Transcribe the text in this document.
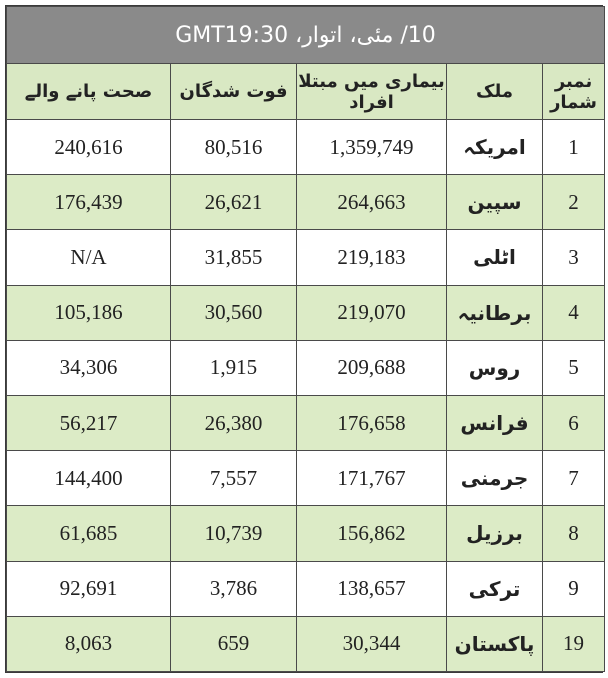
10/ مئی، اتوار، GMT19:30				
نمبر شمار	ملک	بیماری میں مبتلا افراد	فوت شدگان	صحت پانے والے
1	امریکہ	1,359,749	80,516	240,616
2	سپین	264,663	26,621	176,439
3	اٹلی	219,183	31,855	N/A
4	برطانیہ	219,070	30,560	105,186
5	روس	209,688	1,915	34,306
6	فرانس	176,658	26,380	56,217
7	جرمنی	171,767	7,557	144,400
8	برزیل	156,862	10,739	61,685
9	ترکی	138,657	3,786	92,691
19	پاکستان	30,344	659	8,063
